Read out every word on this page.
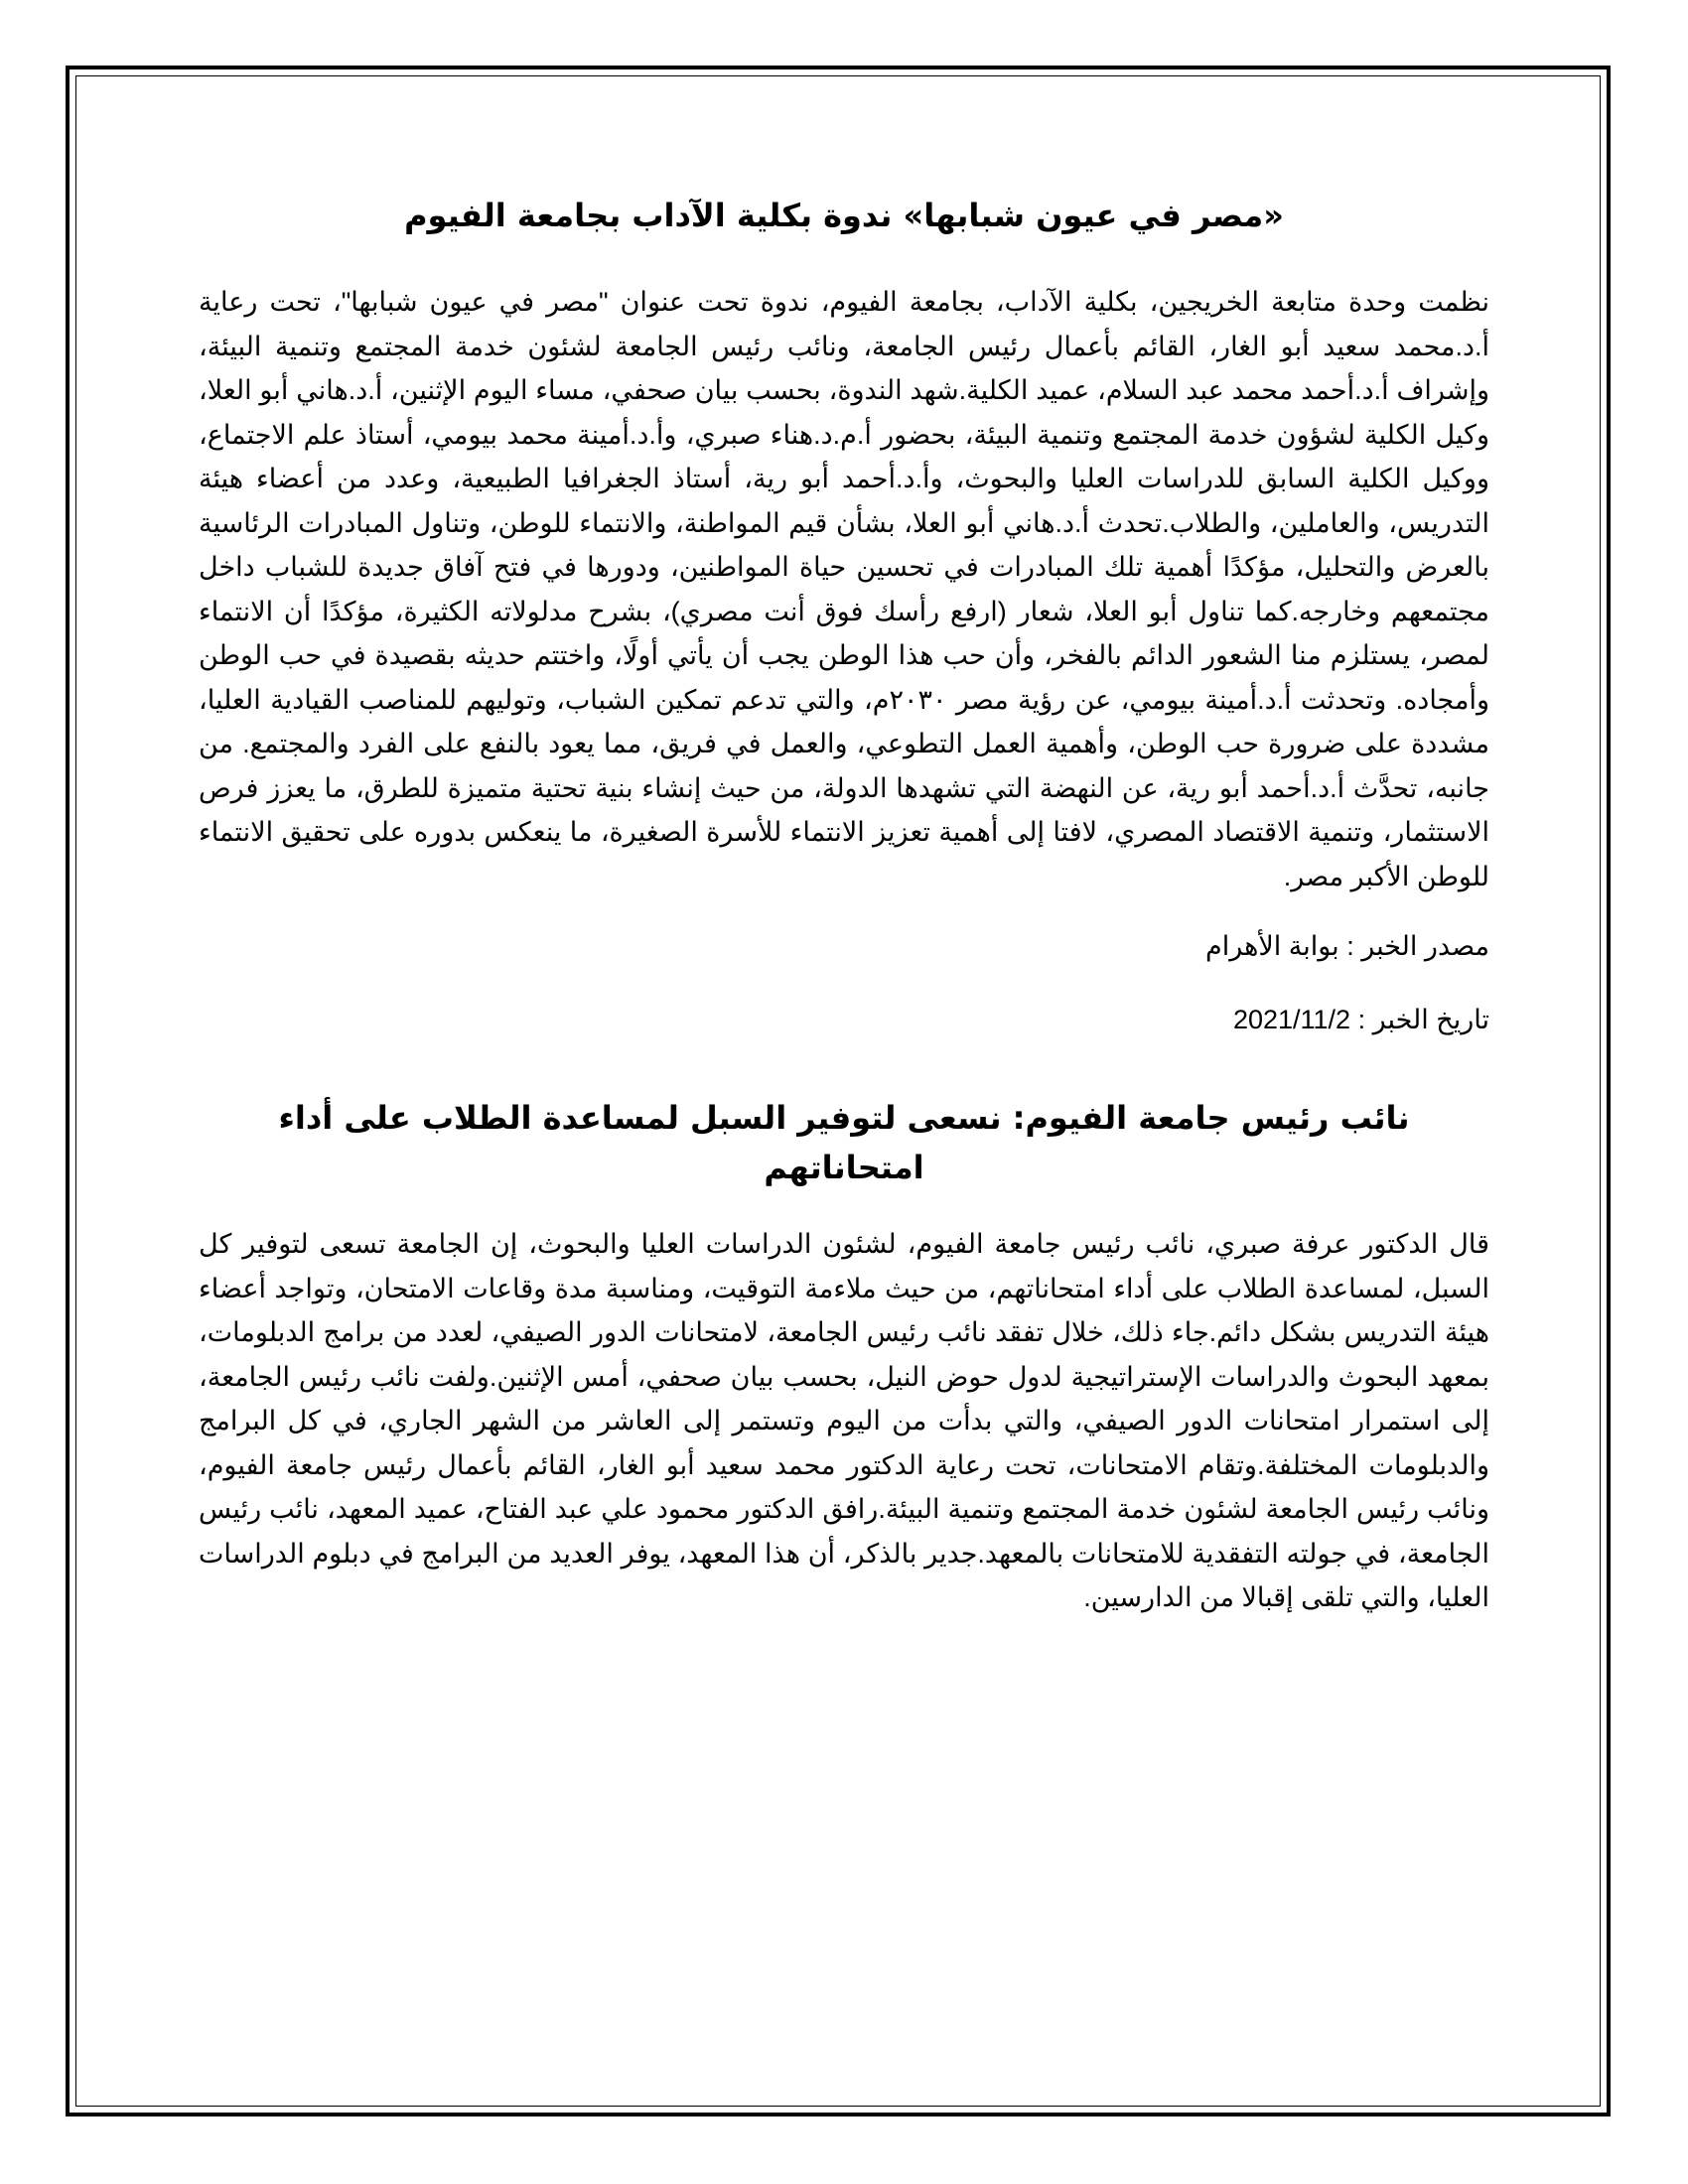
«مصر في عيون شبابها» ندوة بكلية الآداب بجامعة الفيوم

نظمت وحدة متابعة الخريجين، بكلية الآداب، بجامعة الفيوم، ندوة تحت عنوان "مصر في عيون شبابها"، تحت رعاية أ.د.محمد سعيد أبو الغار، القائم بأعمال رئيس الجامعة، ونائب رئيس الجامعة لشئون خدمة المجتمع وتنمية البيئة، وإشراف أ.د.أحمد محمد عبد السلام، عميد الكلية.شهد الندوة، بحسب بيان صحفي، مساء اليوم الإثنين، أ.د.هاني أبو العلا، وكيل الكلية لشؤون خدمة المجتمع وتنمية البيئة، بحضور أ.م.د.هناء صبري، وأ.د.أمينة محمد بيومي، أستاذ علم الاجتماع، ووكيل الكلية السابق للدراسات العليا والبحوث، وأ.د.أحمد أبو رية، أستاذ الجغرافيا الطبيعية، وعدد من أعضاء هيئة التدريس، والعاملين، والطلاب.تحدث أ.د.هاني أبو العلا، بشأن قيم المواطنة، والانتماء للوطن، وتناول المبادرات الرئاسية بالعرض والتحليل، مؤكدًا أهمية تلك المبادرات في تحسين حياة المواطنين، ودورها في فتح آفاق جديدة للشباب داخل مجتمعهم وخارجه.كما تناول أبو العلا، شعار (ارفع رأسك فوق أنت مصري)، بشرح مدلولاته الكثيرة، مؤكدًا أن الانتماء لمصر، يستلزم منا الشعور الدائم بالفخر، وأن حب هذا الوطن يجب أن يأتي أولًا، واختتم حديثه بقصيدة في حب الوطن وأمجاده. وتحدثت أ.د.أمينة بيومي، عن رؤية مصر ٢٠٣٠م، والتي تدعم تمكين الشباب، وتوليهم للمناصب القيادية العليا، مشددة على ضرورة حب الوطن، وأهمية العمل التطوعي، والعمل في فريق، مما يعود بالنفع على الفرد والمجتمع. من جانبه، تحدَّث أ.د.أحمد أبو رية، عن النهضة التي تشهدها الدولة، من حيث إنشاء بنية تحتية متميزة للطرق، ما يعزز فرص الاستثمار، وتنمية الاقتصاد المصري، لافتا إلى أهمية تعزيز الانتماء للأسرة الصغيرة، ما ينعكس بدوره على تحقيق الانتماء للوطن الأكبر مصر.

مصدر الخبر : بوابة الأهرام

تاريخ الخبر : 2021/11/2

نائب رئيس جامعة الفيوم: نسعى لتوفير السبل لمساعدة الطلاب على أداء امتحاناتهم

قال الدكتور عرفة صبري، نائب رئيس جامعة الفيوم، لشئون الدراسات العليا والبحوث، إن الجامعة تسعى لتوفير كل السبل، لمساعدة الطلاب على أداء امتحاناتهم، من حيث ملاءمة التوقيت، ومناسبة مدة وقاعات الامتحان، وتواجد أعضاء هيئة التدريس بشكل دائم.جاء ذلك، خلال تفقد نائب رئيس الجامعة، لامتحانات الدور الصيفي، لعدد من برامج الدبلومات، بمعهد البحوث والدراسات الإستراتيجية لدول حوض النيل، بحسب بيان صحفي، أمس الإثنين.ولفت نائب رئيس الجامعة، إلى استمرار امتحانات الدور الصيفي، والتي بدأت من اليوم وتستمر إلى العاشر من الشهر الجاري، في كل البرامج والدبلومات المختلفة.وتقام الامتحانات، تحت رعاية الدكتور محمد سعيد أبو الغار، القائم بأعمال رئيس جامعة الفيوم، ونائب رئيس الجامعة لشئون خدمة المجتمع وتنمية البيئة.رافق الدكتور محمود علي عبد الفتاح، عميد المعهد، نائب رئيس الجامعة، في جولته التفقدية للامتحانات بالمعهد.جدير بالذكر، أن هذا المعهد، يوفر العديد من البرامج في دبلوم الدراسات العليا، والتي تلقى إقبالا من الدارسين.
